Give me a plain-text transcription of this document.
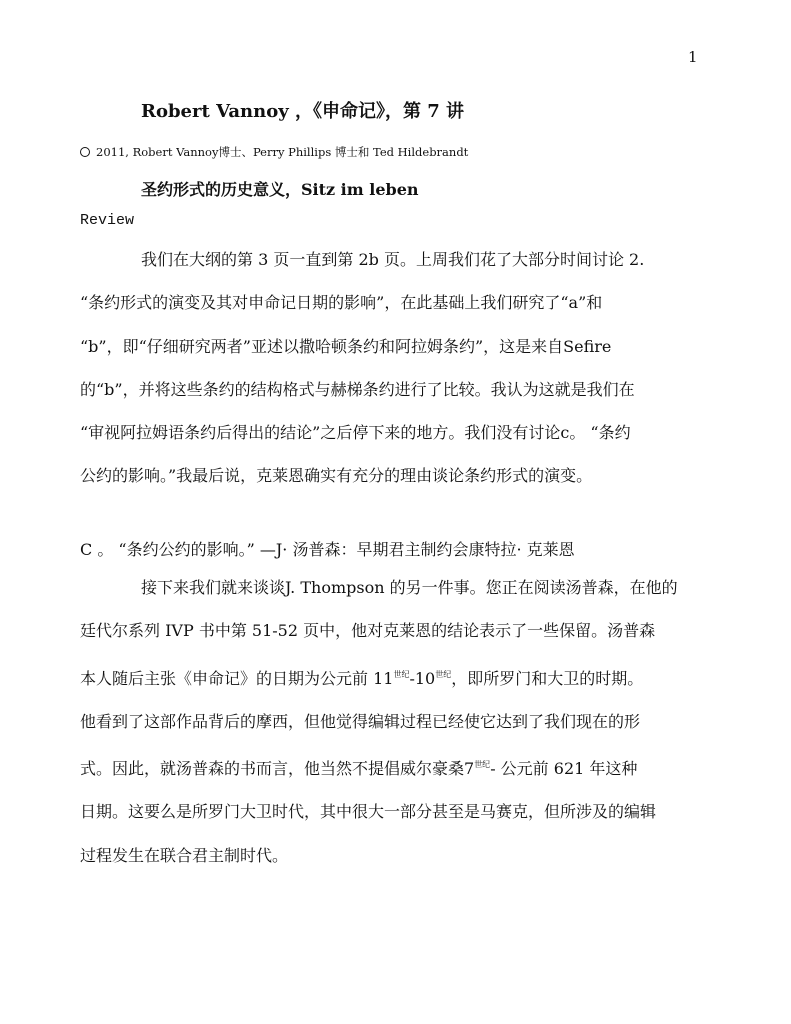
1
Robert Vannoy ，《申命记》，第 7 讲
2011, Robert Vannoy博士、Perry Phillips 博士和 Ted Hildebrandt
圣约形式的历史意义，Sitz im leben
Review
我们在大纲的第 3 页一直到第 2b 页。上周我们花了大部分时间讨论 2.
“条约形式的演变及其对申命记日期的影响”，在此基础上我们研究了“a”和
“b”，即“仔细研究两者”亚述以撒哈顿条约和阿拉姆条约”，这是来自Sefire
的“b”，并将这些条约的结构格式与赫梯条约进行了比较。我认为这就是我们在
“审视阿拉姆语条约后得出的结论”之后停下来的地方。我们没有讨论c。 “条约
公约的影响。”我最后说，克莱恩确实有充分的理由谈论条约形式的演变。
C 。 “条约公约的影响。” —J· 汤普森：早期君主制约会康特拉· 克莱恩
接下来我们就来谈谈J. Thompson 的另一件事。您正在阅读汤普森，在他的
廷代尔系列 IVP 书中第 51-52 页中，他对克莱恩的结论表示了一些保留。汤普森
本人随后主张《申命记》的日期为公元前 $11^{世纪}-10^{世纪}$，即所罗门和大卫的时期。
他看到了这部作品背后的摩西，但他觉得编辑过程已经使它达到了我们现在的形
式。因此，就汤普森的书而言，他当然不提倡威尔豪桑$7^{世纪}-$ 公元前 621 年这种
日期。这要么是所罗门大卫时代，其中很大一部分甚至是马赛克，但所涉及的编辑
过程发生在联合君主制时代。
